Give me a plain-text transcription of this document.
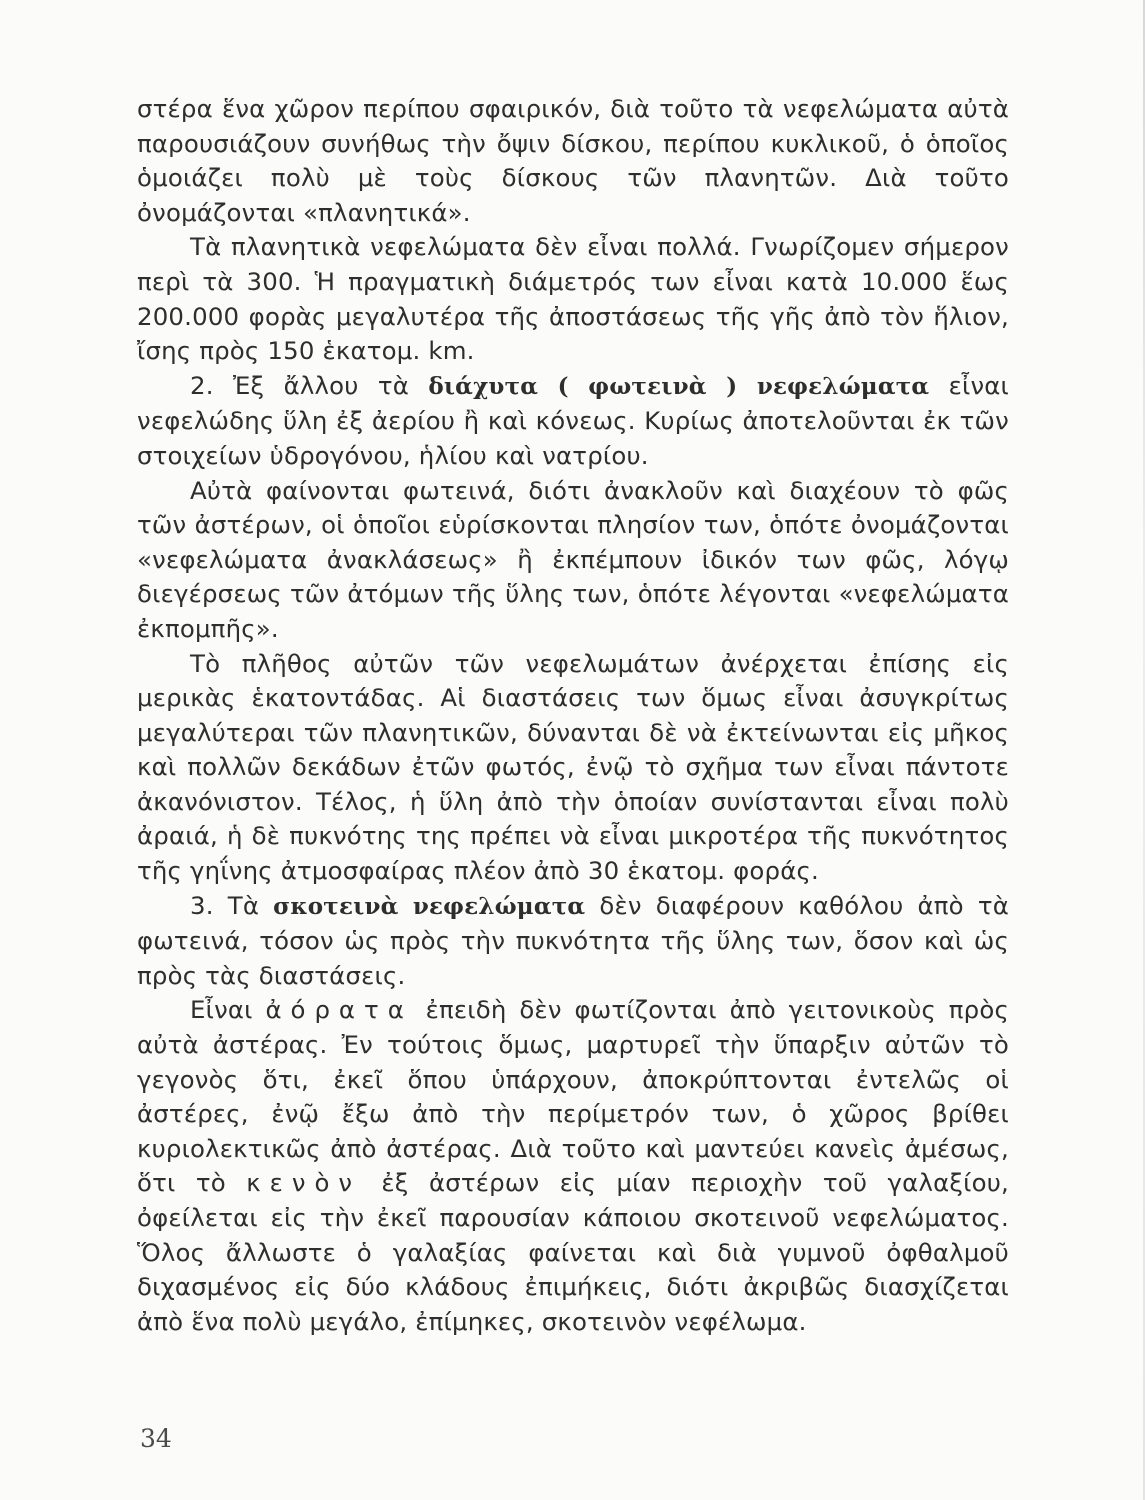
στέρα ἕνα χῶρον περίπου σφαιρικόν, διὰ τοῦτο τὰ νεφελώματα αὐτὰ παρουσιάζουν συνήθως τὴν ὄψιν δίσκου, περίπου κυκλικοῦ, ὁ ὁποῖος ὁμοιάζει πολὺ μὲ τοὺς δίσκους τῶν πλανητῶν. Διὰ τοῦτο ὀνομάζονται «πλανητικά».

Τὰ πλανητικὰ νεφελώματα δὲν εἶναι πολλά. Γνωρίζομεν σήμερον περὶ τὰ 300. Ἡ πραγματικὴ διάμετρός των εἶναι κατὰ 10.000 ἕως 200.000 φορὰς μεγαλυτέρα τῆς ἀποστάσεως τῆς γῆς ἀπὸ τὸν ἥλιον, ἴσης πρὸς 150 ἑκατομ. km.

2. Ἐξ ἄλλου τὰ διάχυτα ( φωτεινὰ ) νεφελώματα εἶναι νεφελώδης ὕλη ἐξ ἀερίου ἢ καὶ κόνεως. Κυρίως ἀποτελοῦνται ἐκ τῶν στοιχείων ὑδρογόνου, ἡλίου καὶ νατρίου.

Αὐτὰ φαίνονται φωτεινά, διότι ἀνακλοῦν καὶ διαχέουν τὸ φῶς τῶν ἀστέρων, οἱ ὁποῖοι εὑρίσκονται πλησίον των, ὁπότε ὀνομάζονται «νεφελώματα ἀνακλάσεως» ἢ ἐκπέμπουν ἰδικόν των φῶς, λόγῳ διεγέρσεως τῶν ἀτόμων τῆς ὕλης των, ὁπότε λέγονται «νεφελώματα ἐκπομπῆς».

Τὸ πλῆθος αὐτῶν τῶν νεφελωμάτων ἀνέρχεται ἐπίσης εἰς μερικὰς ἑκατοντάδας. Αἱ διαστάσεις των ὅμως εἶναι ἀσυγκρίτως μεγαλύτεραι τῶν πλανητικῶν, δύνανται δὲ νὰ ἐκτείνωνται εἰς μῆκος καὶ πολλῶν δεκάδων ἐτῶν φωτός, ἐνῷ τὸ σχῆμα των εἶναι πάντοτε ἀκανόνιστον. Τέλος, ἡ ὕλη ἀπὸ τὴν ὁποίαν συνίστανται εἶναι πολὺ ἀραιά, ἡ δὲ πυκνότης της πρέπει νὰ εἶναι μικροτέρα τῆς πυκνότητος τῆς γηΐνης ἀτμοσφαίρας πλέον ἀπὸ 30 ἑκατομ. φοράς.

3. Τὰ σκοτεινὰ νεφελώματα δὲν διαφέρουν καθόλου ἀπὸ τὰ φωτεινά, τόσον ὡς πρὸς τὴν πυκνότητα τῆς ὕλης των, ὅσον καὶ ὡς πρὸς τὰς διαστάσεις.

Εἶναι ἀόρατα ἐπειδὴ δὲν φωτίζονται ἀπὸ γειτονικοὺς πρὸς αὐτὰ ἀστέρας. Ἐν τούτοις ὅμως, μαρτυρεῖ τὴν ὕπαρξιν αὐτῶν τὸ γεγονὸς ὅτι, ἐκεῖ ὅπου ὑπάρχουν, ἀποκρύπτονται ἐντελῶς οἱ ἀστέρες, ἐνῷ ἔξω ἀπὸ τὴν περίμετρόν των, ὁ χῶρος βρίθει κυριολεκτικῶς ἀπὸ ἀστέρας. Διὰ τοῦτο καὶ μαντεύει κανεὶς ἀμέσως, ὅτι τὸ κενὸν ἐξ ἀστέρων εἰς μίαν περιοχὴν τοῦ γαλαξίου, ὀφείλεται εἰς τὴν ἐκεῖ παρουσίαν κάποιου σκοτεινοῦ νεφελώματος. Ὅλος ἄλλωστε ὁ γαλαξίας φαίνεται καὶ διὰ γυμνοῦ ὀφθαλμοῦ διχασμένος εἰς δύο κλάδους ἐπιμήκεις, διότι ἀκριβῶς διασχίζεται ἀπὸ ἕνα πολὺ μεγάλο, ἐπίμηκες, σκοτεινὸν νεφέλωμα.

34
